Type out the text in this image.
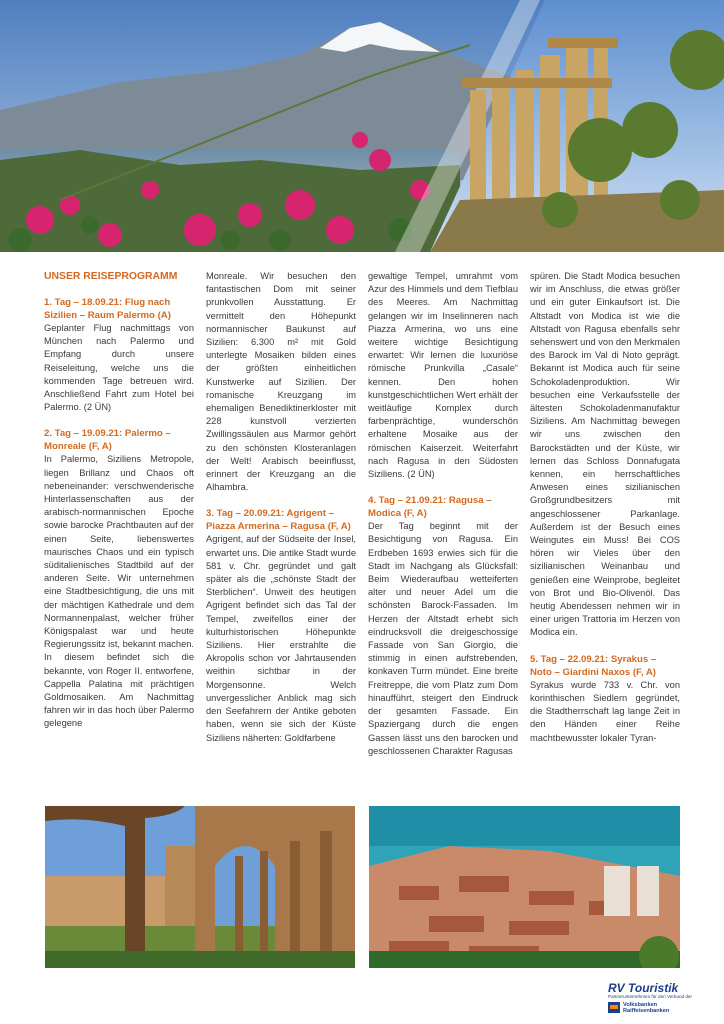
UNSER REISEPROGRAMM
1. Tag – 18.09.21: Flug nach Sizilien – Raum Palermo (A)

Geplanter Flug nachmittags von München nach Palermo und Empfang durch unsere Reiseleitung, welche uns die kommenden Tage betreuen wird. Anschließend Fahrt zum Hotel bei Palermo. (2 ÜN)

2. Tag – 19.09.21: Palermo – Monreale (F, A)

In Palermo, Siziliens Metropole, liegen Brillanz und Chaos oft nebeneinander: verschwenderische Hinterlassenschaften aus der arabisch-normannischen Epoche sowie barocke Prachtbauten auf der einen Seite, liebenswertes maurisches Chaos und ein typisch süditalienisches Stadtbild auf der anderen Seite. Wir unternehmen eine Stadtbesichtigung, die uns mit der mächtigen Kathedrale und dem Normannenpalast, welcher früher Königspalast war und heute Regierungssitz ist, bekannt machen. In diesem befindet sich die bekannte, von Roger II. entworfene, Cappella Palatina mit prächtigen Goldmosaiken. Am Nachmittag fahren wir in das hoch über Palermo gelegene

Monreale. Wir besuchen den fantastischen Dom mit seiner prunkvollen Ausstattung. Er vermittelt den Höhepunkt normannischer Baukunst auf Sizilien: 6.300 m² mit Gold unterlegte Mosaiken bilden eines der größten einheitlichen Kunstwerke auf Sizilien. Der romanische Kreuzgang im ehemaligen Benediktinerkloster mit 228 kunstvoll verzierten Zwillingssäulen aus Marmor gehört zu den schönsten Klosteranlagen der Welt! Arabisch beeinflusst, erinnert der Kreuzgang an die Alhambra.

3. Tag – 20.09.21: Agrigent – Piazza Armerina – Ragusa (F, A)

Agrigent, auf der Südseite der Insel, erwartet uns. Die antike Stadt wurde 581 v. Chr. gegründet und galt später als die „schönste Stadt der Sterblichen“. Unweit des heutigen Agrigent befindet sich das Tal der Tempel, zweifellos einer der kulturhistorischen Höhepunkte Siziliens. Hier erstrahlte die Akropolis schon vor Jahrtausenden weithin sichtbar in der Morgensonne. Welch unvergesslicher Anblick mag sich den Seefahrern der Antike geboten haben, wenn sie sich der Küste Siziliens näherten: Goldfarbene

gewaltige Tempel, umrahmt vom Azur des Himmels und dem Tiefblau des Meeres. Am Nachmittag gelangen wir im Inselinneren nach Piazza Armerina, wo uns eine weitere wichtige Besichtigung erwartet: Wir lernen die luxuriöse römische Prunkvilla „Casale“ kennen. Den hohen kunstgeschichtlichen Wert erhält der weitläufige Komplex durch farbenprächtige, wunderschön erhaltene Mosaike aus der römischen Kaiserzeit. Weiterfahrt nach Ragusa in den Südosten Siziliens. (2 ÜN)

4. Tag – 21.09.21: Ragusa – Modica (F, A)

Der Tag beginnt mit der Besichtigung von Ragusa. Ein Erdbeben 1693 erwies sich für die Stadt im Nachgang als Glücksfall: Beim Wiederaufbau wetteiferten alter und neuer Adel um die schönsten Barock-Fassaden. Im Herzen der Altstadt erhebt sich eindrucksvoll die dreigeschossige Fassade von San Giorgio, die stimmig in einen aufstrebenden, konkaven Turm mündet. Eine breite Freitreppe, die vom Platz zum Dom hinaufführt, steigert den Eindruck der gesamten Fassade. Ein Spaziergang durch die engen Gassen lässt uns den barocken und geschlossenen Charakter Ragusas

spüren. Die Stadt Modica besuchen wir im Anschluss, die etwas größer und ein guter Einkaufsort ist. Die Altstadt von Modica ist wie die Altstadt von Ragusa ebenfalls sehr sehenswert und von den Merkmalen des Barock im Val di Noto geprägt. Bekannt ist Modica auch für seine Schokoladenproduktion. Wir besuchen eine Verkaufsstelle der ältesten Schokoladenmanufaktur Siziliens. Am Nachmittag bewegen wir uns zwischen den Barockstädten und der Küste, wir lernen das Schloss Donnafugata kennen, ein herrschaftliches Anwesen eines sizilianischen Großgrundbesitzers mit angeschlossener Parkanlage. Außerdem ist der Besuch eines Weingutes ein Muss! Bei COS hören wir Vieles über den sizilianischen Weinanbau und genießen eine Weinprobe, begleitet von Brot und Bio-Olivenöl. Das heutig Abendessen nehmen wir in einer urigen Trattoria im Herzen von Modica ein.

5. Tag – 22.09.21: Syrakus – Noto – Giardini Naxos (F, A)

Syrakus wurde 733 v. Chr. von korinthischen Siedlern gegründet, die Stadtherrschaft lag lange Zeit in den Händen einer Reihe machtbewusster lokaler Tyran-

RV Touristik
Partnerunternehmen für den Verbund der
Volksbanken
Raiffeisenbanken
